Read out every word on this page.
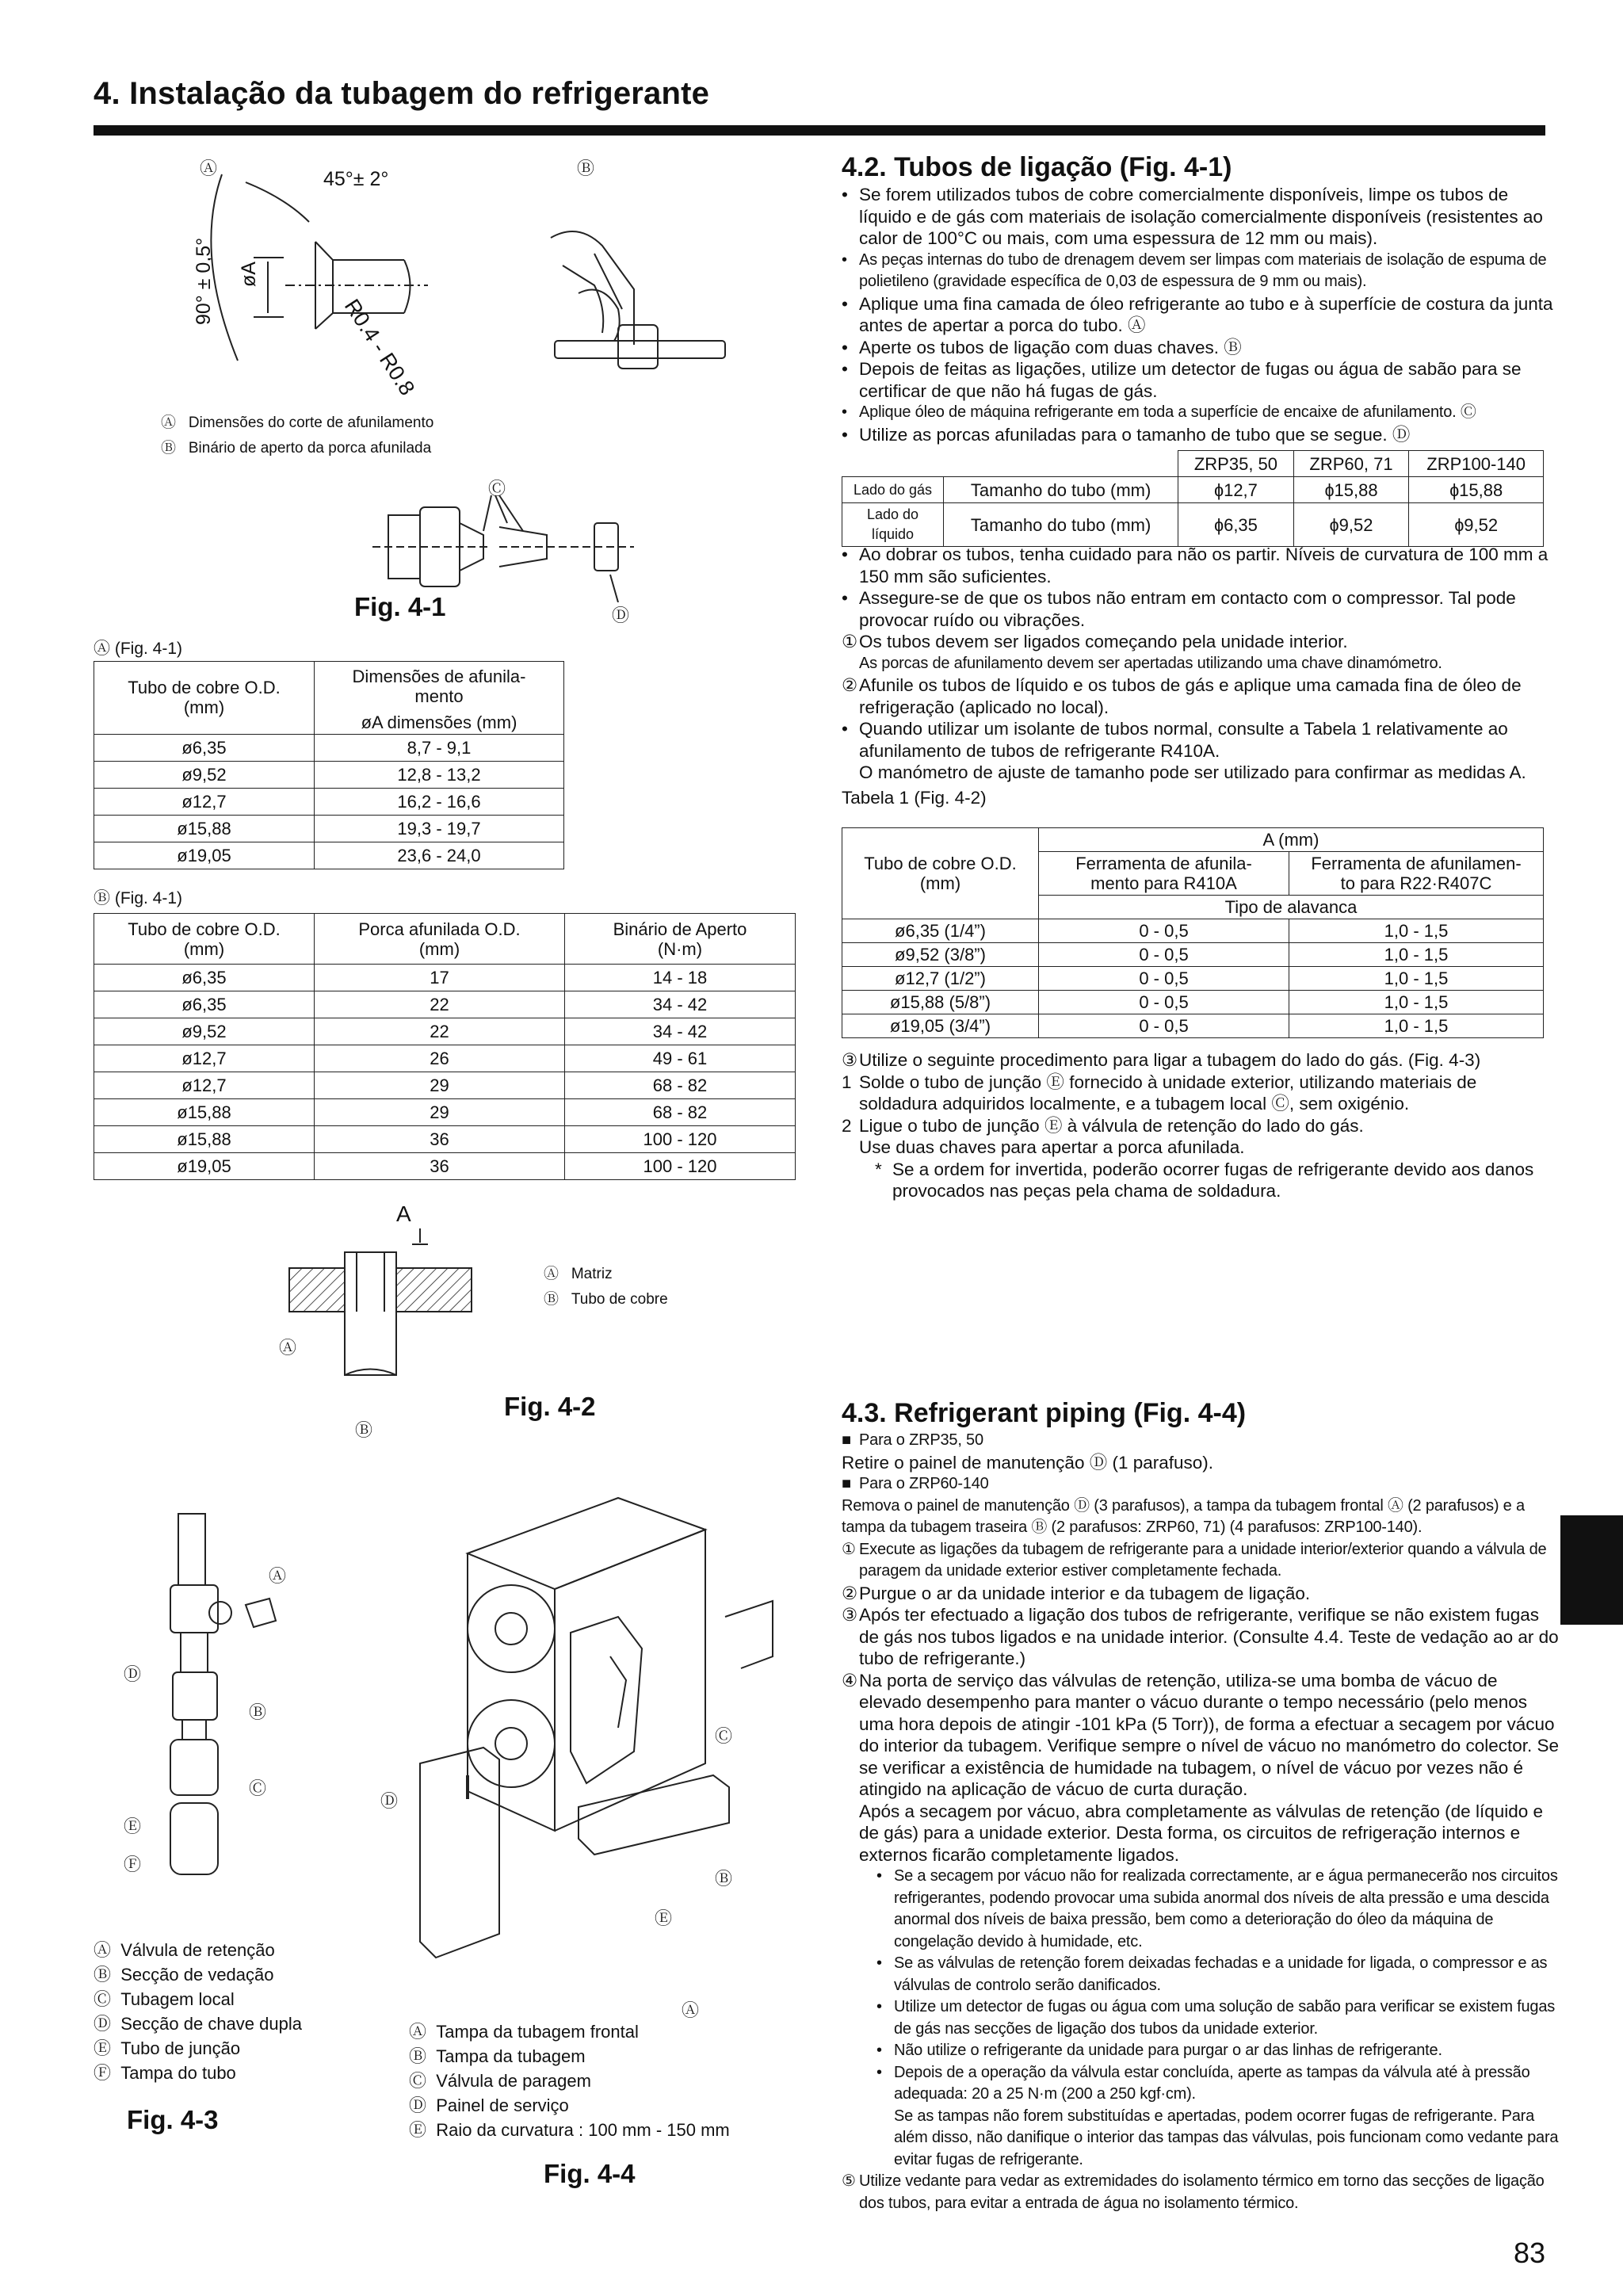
4. Instalação da tubagem do refrigerante
83
Ⓐ	Ⓑ
45°± 2°
90° ± 0,5° øA
R0.4 - R0.8
Ⓐ Dimensões do corte de afunilamento
Ⓑ Binário de aperto da porca afunilada
Ⓒ
Ⓓ
Fig. 4-1
Ⓐ (Fig. 4-1)
Tubo de cobre O.D.
(mm)	Dimensões de afunila-
mento
	øA dimensões (mm)
ø6,35	8,7 - 9,1
ø9,52	12,8 - 13,2
ø12,7	16,2 - 16,6
ø15,88	19,3 - 19,7
ø19,05	23,6 - 24,0
Ⓑ (Fig. 4-1)
Tubo de cobre O.D.
(mm)	Porca afunilada O.D.
(mm)	Binário de Aperto
(N·m)
ø6,35	17	14 - 18
ø6,35	22	34 - 42
ø9,52	22	34 - 42
ø12,7	26	49 - 61
ø12,7	29	68 - 82
ø15,88	29	68 - 82
ø15,88	36	100 - 120
ø19,05	36	100 - 120
A
Ⓐ
Ⓑ
Ⓐ Matriz
Ⓑ Tubo de cobre
Fig. 4-2
Ⓐ
Ⓓ
Ⓑ
Ⓒ
Ⓔ
Ⓕ
Ⓐ Válvula de retenção
Ⓑ Secção de vedação
Ⓒ Tubagem local
Ⓓ Secção de chave dupla
Ⓔ Tubo de junção
Ⓕ Tampa do tubo
Fig. 4-3
Ⓒ
Ⓓ
Ⓑ
Ⓔ
Ⓐ
Ⓐ Tampa da tubagem frontal
Ⓑ Tampa da tubagem
Ⓒ Válvula de paragem
Ⓓ Painel de serviço
Ⓔ Raio da curvatura : 100 mm - 150 mm
Fig. 4-4
4.2. Tubos de ligação (Fig. 4-1)

• Se forem utilizados tubos de cobre comercialmente disponíveis, limpe os tubos de líquido e de gás com materiais de isolação comercialmente disponíveis (resistentes ao calor de 100°C ou mais, com uma espessura de 12 mm ou mais).

• As peças internas do tubo de drenagem devem ser limpas com materiais de isolação de espuma de polietileno (gravidade específica de 0,03 de espessura de 9 mm ou mais).

• Aplique uma fina camada de óleo refrigerante ao tubo e à superfície de costura da junta antes de apertar a porca do tubo. Ⓐ

• Aperte os tubos de ligação com duas chaves. Ⓑ

• Depois de feitas as ligações, utilize um detector de fugas ou água de sabão para se certificar de que não há fugas de gás.

• Aplique óleo de máquina refrigerante em toda a superfície de encaixe de afunilamento. Ⓒ

• Utilize as porcas afuniladas para o tamanho de tubo que se segue. Ⓓ

		ZRP35, 50	ZRP60, 71	ZRP100-140
Lado do gás	Tamanho do tubo (mm)	ɸ12,7	ɸ15,88	ɸ15,88
Lado do líquido	Tamanho do tubo (mm)	ɸ6,35	ɸ9,52	ɸ9,52

• Ao dobrar os tubos, tenha cuidado para não os partir. Níveis de curvatura de 100 mm a 150 mm são suficientes.

• Assegure-se de que os tubos não entram em contacto com o compressor. Tal pode provocar ruído ou vibrações.

① Os tubos devem ser ligados começando pela unidade interior.

As porcas de afunilamento devem ser apertadas utilizando uma chave dinamómetro.

② Afunile os tubos de líquido e os tubos de gás e aplique uma camada fina de óleo de refrigeração (aplicado no local).

• Quando utilizar um isolante de tubos normal, consulte a Tabela 1 relativamente ao afunilamento de tubos de refrigerante R410A.

O manómetro de ajuste de tamanho pode ser utilizado para confirmar as medidas A.

Tabela 1 (Fig. 4-2)

Tubo de cobre O.D.
(mm)	A (mm)	
	Ferramenta de afunila-
mento para R410A	Ferramenta de afunilamen-
to para R22·R407C
	Tipo de alavanca	
ø6,35 (1/4”)	0 - 0,5	1,0 - 1,5
ø9,52 (3/8”)	0 - 0,5	1,0 - 1,5
ø12,7 (1/2”)	0 - 0,5	1,0 - 1,5
ø15,88 (5/8”)	0 - 0,5	1,0 - 1,5
ø19,05 (3/4”)	0 - 0,5	1,0 - 1,5

③ Utilize o seguinte procedimento para ligar a tubagem do lado do gás. (Fig. 4-3)

1 Solde o tubo de junção Ⓔ fornecido à unidade exterior, utilizando materiais de soldadura adquiridos localmente, e a tubagem local Ⓒ, sem oxigénio.

2 Ligue o tubo de junção Ⓔ à válvula de retenção do lado do gás.

Use duas chaves para apertar a porca afunilada.

* Se a ordem for invertida, poderão ocorrer fugas de refrigerante devido aos danos provocados nas peças pela chama de soldadura.

4.3. Refrigerant piping (Fig. 4-4)

■ Para o ZRP35, 50

Retire o painel de manutenção Ⓓ (1 parafuso).

■ Para o ZRP60-140

Remova o painel de manutenção Ⓓ (3 parafusos), a tampa da tubagem frontal Ⓐ (2 parafusos) e a tampa da tubagem traseira Ⓑ (2 parafusos: ZRP60, 71) (4 parafusos: ZRP100-140).

① Execute as ligações da tubagem de refrigerante para a unidade interior/exterior quando a válvula de paragem da unidade exterior estiver completamente fechada.

② Purgue o ar da unidade interior e da tubagem de ligação.

③ Após ter efectuado a ligação dos tubos de refrigerante, verifique se não existem fugas de gás nos tubos ligados e na unidade interior. (Consulte 4.4. Teste de vedação ao ar do tubo de refrigerante.)

④ Na porta de serviço das válvulas de retenção, utiliza-se uma bomba de vácuo de elevado desempenho para manter o vácuo durante o tempo necessário (pelo menos uma hora depois de atingir -101 kPa (5 Torr)), de forma a efectuar a secagem por vácuo do interior da tubagem. Verifique sempre o nível de vácuo no manómetro do colector. Se se verificar a existência de humidade na tubagem, o nível de vácuo por vezes não é atingido na aplicação de vácuo de curta duração.

Após a secagem por vácuo, abra completamente as válvulas de retenção (de líquido e de gás) para a unidade exterior. Desta forma, os circuitos de refrigeração internos e externos ficarão completamente ligados.

• Se a secagem por vácuo não for realizada correctamente, ar e água permanecerão nos circuitos refrigerantes, podendo provocar uma subida anormal dos níveis de alta pressão e uma descida anormal dos níveis de baixa pressão, bem como a deterioração do óleo da máquina de congelação devido à humidade, etc.

• Se as válvulas de retenção forem deixadas fechadas e a unidade for ligada, o compressor e as válvulas de controlo serão danificados.

• Utilize um detector de fugas ou água com uma solução de sabão para verificar se existem fugas de gás nas secções de ligação dos tubos da unidade exterior.

• Não utilize o refrigerante da unidade para purgar o ar das linhas de refrigerante.

• Depois de a operação da válvula estar concluída, aperte as tampas da válvula até à pressão adequada: 20 a 25 N·m (200 a 250 kgf·cm).

Se as tampas não forem substituídas e apertadas, podem ocorrer fugas de refrigerante. Para além disso, não danifique o interior das tampas das válvulas, pois funcionam como vedante para evitar fugas de refrigerante.

⑤ Utilize vedante para vedar as extremidades do isolamento térmico em torno das secções de ligação dos tubos, para evitar a entrada de água no isolamento térmico.
